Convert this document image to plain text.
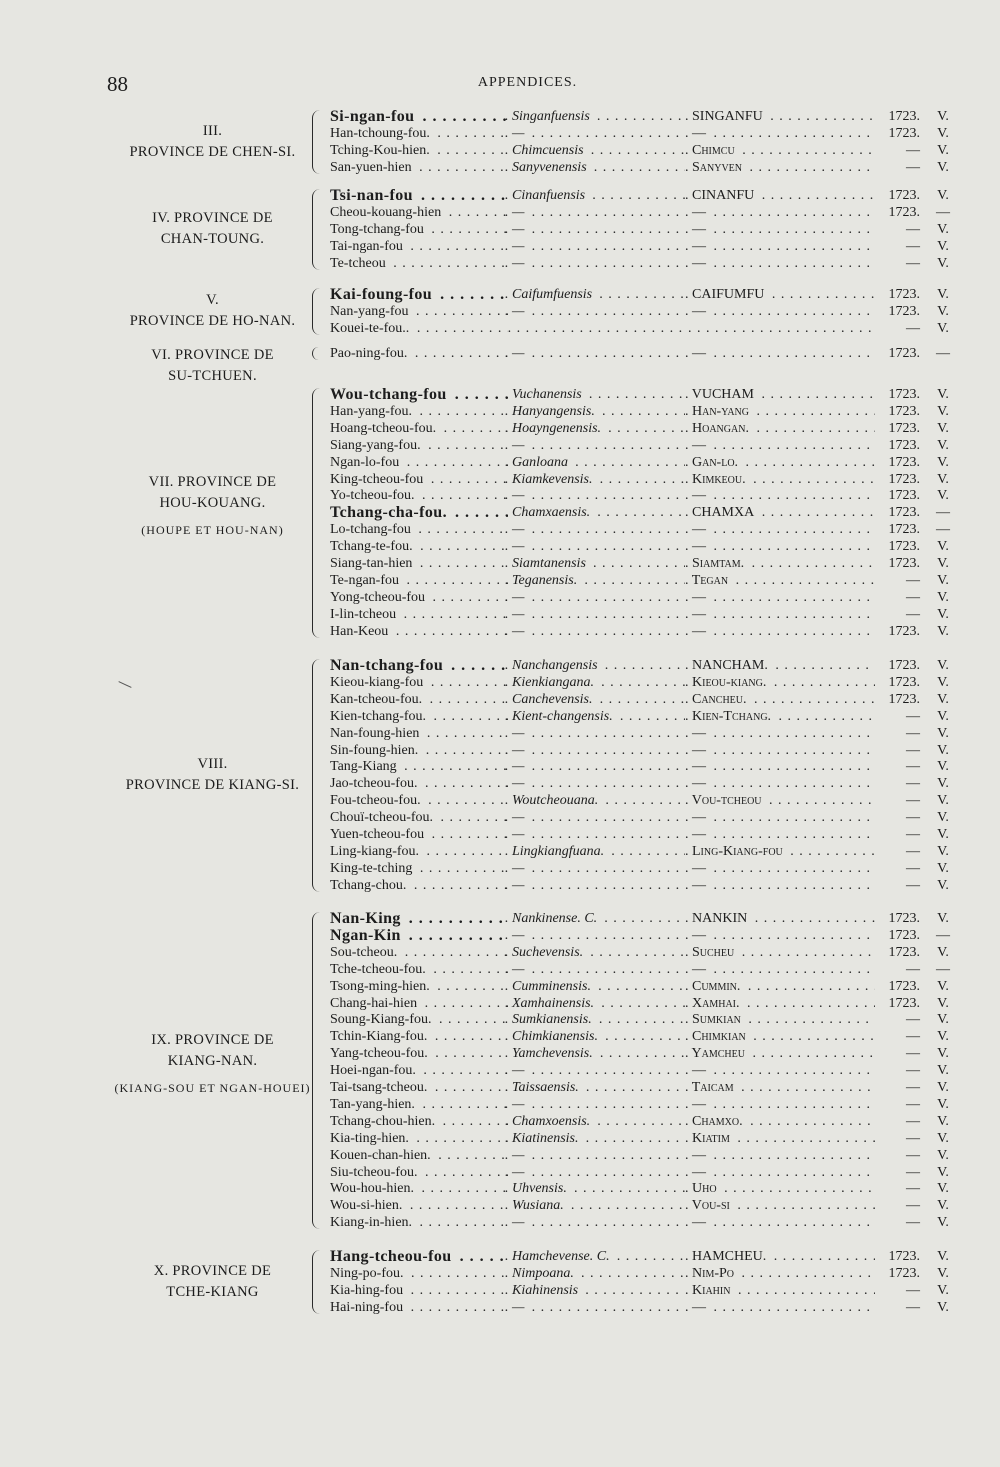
88	APPENDICES.
III.
PROVINCE DE CHEN-SI.
Si-ngan-fou . . .	. Singanfuensis . . .	. SINGANFU . . .	1723.	V.
Han-tchoung-fou. . . .	. — . . .	. — . . .	1723.	V.
Tching-Kou-hien. . . .	. Chimcuensis . . .	. Chimcu . . .	—	V.
San-yuen-hien . . .	. Sanyvenensis . . .	. Sanyven . . .	—	V.
IV. PROVINCE DE
CHAN-TOUNG.
Tsi-nan-fou . . .	. Cinanfuensis . . .	. CINANFU . . .	1723.	V.
Cheou-kouang-hien . . .	. — . . .	. — . . .	1723.	—
Tong-tchang-fou . . .	. — . . .	. — . . .	—	V.
Tai-ngan-fou . . .	. — . . .	. — . . .	—	V.
Te-tcheou . . .	. — . . .	. — . . .	—	V.
V.
PROVINCE DE HO-NAN.
Kai-foung-fou . . .	. Caifumfuensis . . .	. CAIFUMFU . . .	1723.	V.
Nan-yang-fou . . .	. — . . .	. — . . .	1723.	V.
Kouei-te-fou.. . . . . . . . . .	—	V.
VI. PROVINCE DE
SU-TCHUEN.
Pao-ning-fou. . . .	. — . . .	. — . . .	1723.	—
VII. PROVINCE DE
HOU-KOUANG.
(HOUPE ET HOU-NAN)
Wou-tchang-fou . . .	. Vuchanensis . . .	. VUCHAM . . .	1723.	V.
Han-yang-fou. . . .	. Hanyangensis. . . .	. Han-yang . . .	1723.	V.
Hoang-tcheou-fou. . . .	. Hoayngenensis. . . .	. Hoangan. . . .	1723.	V.
Siang-yang-fou. . . .	. — . . .	. — . . .	1723.	V.
Ngan-lo-fou . . .	. Ganloana . . .	. Gan-lo. . . .	1723.	V.
King-tcheou-fou . . .	. Kiamkevensis. . . .	. Kimkeou. . . .	1723.	V.
Yo-tcheou-fou. . . .	. — . . .	. — . . .	1723.	V.
Tchang-cha-fou. . . .	. Chamxaensis. . . .	. CHAMXA . . .	1723.	—
Lo-tchang-fou . . .	. — . . .	. — . . .	1723.	—
Tchang-te-fou. . . .	. — . . .	. — . . .	1723.	V.
Siang-tan-hien . . .	. Siamtanensis . . .	. Siamtam. . . .	1723.	V.
Te-ngan-fou . . .	. Teganensis. . . .	. Tegan . . .	—	V.
Yong-tcheou-fou . . .	. — . . .	. — . . .	—	V.
I-lin-tcheou . . .	. — . . .	. — . . .	—	V.
Han-Keou . . .	. — . . .	. — . . .	1723.	V.
VIII.
PROVINCE DE KIANG-SI.
Nan-tchang-fou . . .	. Nanchangensis . . .	. NANCHAM. . . .	1723.	V.
Kieou-kiang-fou . . .	. Kienkiangana. . . .	. Kieou-kiang. . . .	1723.	V.
Kan-tcheou-fou. . . .	. Canchevensis. . . .	. Cancheu. . . .	1723.	V.
Kien-tchang-fou. . . .	. Kient-changensis. . . .	. Kien-Tchang. . . .	—	V.
Nan-foung-hien . . .	. — . . .	. — . . .	—	V.
Sin-foung-hien. . . .	. — . . .	. — . . .	—	V.
Tang-Kiang . . .	. — . . .	. — . . .	—	V.
Jao-tcheou-fou. . . .	. — . . .	. — . . .	—	V.
Fou-tcheou-fou. . . .	. Woutcheouana. . . .	. Vou-tcheou . . .	—	V.
Chouï-tcheou-fou. . . .	. — . . .	. — . . .	—	V.
Yuen-tcheou-fou . . .	. — . . .	. — . . .	—	V.
Ling-kiang-fou. . . .	. Lingkiangfuana. . . .	. Ling-Kiang-fou . . .	—	V.
King-te-tching . . .	. — . . .	. — . . .	—	V.
Tchang-chou. . . .	. — . . .	. — . . .	—	V.
IX. PROVINCE DE
KIANG-NAN.
(KIANG-SOU ET NGAN-HOUEI)
Nan-King . . .	. Nankinense. C. . . .	. NANKIN . . .	1723.	V.
Ngan-Kin . . .	. — . . .	. — . . .	1723.	—
Sou-tcheou. . . .	. Suchevensis. . . .	. Sucheu . . .	1723.	V.
Tche-tcheou-fou. . . .	. — . . .	. — . . .	—	—
Tsong-ming-hien. . . .	. Cumminensis. . . .	. Cummin. . . .	1723.	V.
Chang-hai-hien . . .	. Xamhainensis. . . .	. Xamhai. . . .	1723.	V.
Soung-Kiang-fou. . . .	. Sumkianensis. . . .	. Sumkian . . .	—	V.
Tchin-Kiang-fou. . . .	. Chimkianensis. . . .	. Chimkian . . .	—	V.
Yang-tcheou-fou. . . .	. Yamchevensis. . . .	. Yamcheu . . .	—	V.
Hoei-ngan-fou. . . .	. — . . .	. — . . .	—	V.
Tai-tsang-tcheou. . . .	. Taissaensis. . . .	. Taicam . . .	—	V.
Tan-yang-hien. . . .	. — . . .	. — . . .	—	V.
Tchang-chou-hien. . . .	. Chamxoensis. . . .	. Chamxo. . . .	—	V.
Kia-ting-hien. . . .	. Kiatinensis. . . .	. Kiatim . . .	—	V.
Kouen-chan-hien. . . .	. — . . .	. — . . .	—	V.
Siu-tcheou-fou. . . .	. — . . .	. — . . .	—	V.
Wou-hou-hien. . . .	. Uhvensis. . . .	. Uho . . .	—	V.
Wou-si-hien. . . .	. Wusiana. . . .	. Vou-si . . .	—	V.
Kiang-in-hien. . . .	. — . . .	. — . . .	—	V.
X. PROVINCE DE
TCHE-KIANG
Hang-tcheou-fou . . .	. Hamchevense. C. . . .	. HAMCHEU. . . .	1723.	V.
Ning-po-fou. . . .	. Nimpoana. . . .	. Nim-Po . . .	1723.	V.
Kia-hing-fou . . .	. Kiahinensis . . .	. Kiahin . . .	—	V.
Hai-ning-fou . . .	. — . . .	. — . . .	—	V.
